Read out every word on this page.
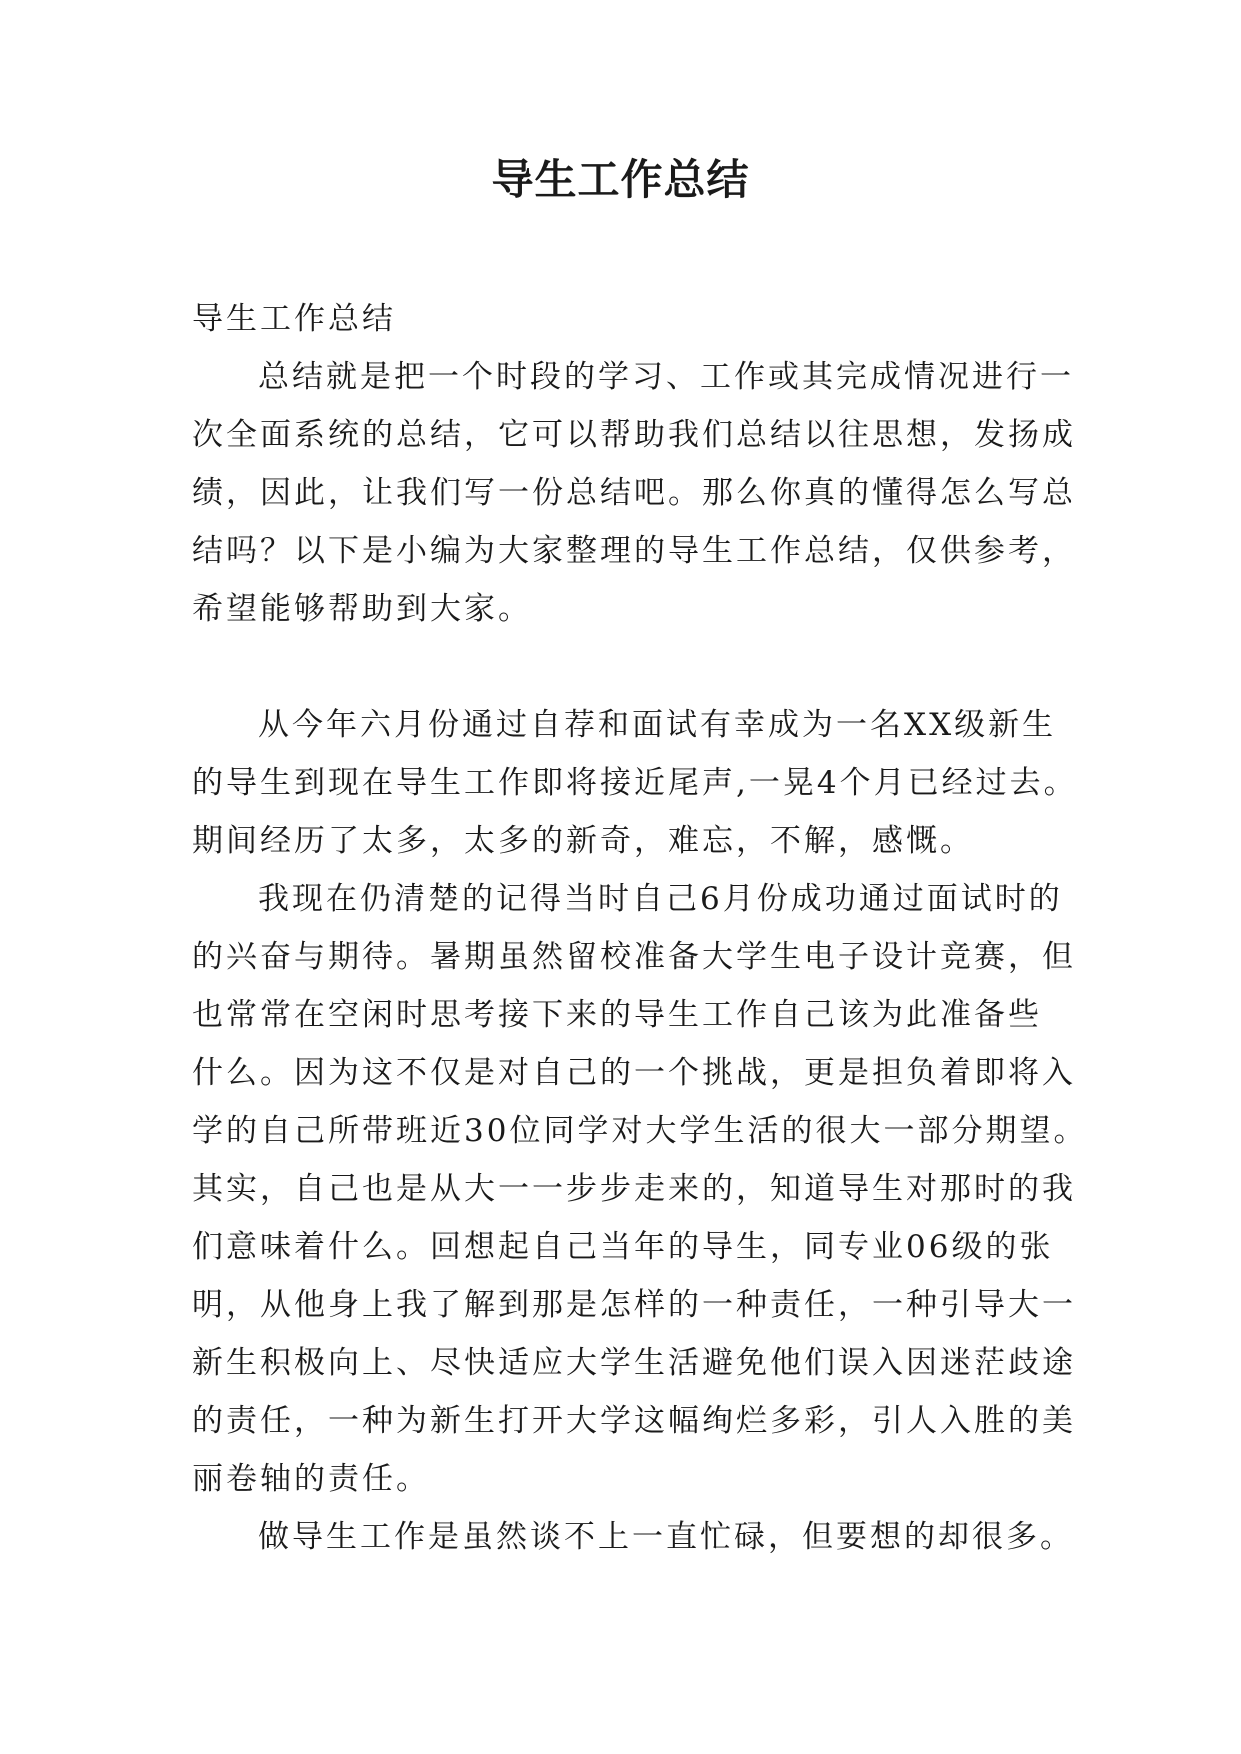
导生工作总结
导生工作总结
总结就是把一个时段的学习、工作或其完成情况进行一
次全面系统的总结，它可以帮助我们总结以往思想，发扬成
绩，因此，让我们写一份总结吧。那么你真的懂得怎么写总
结吗？以下是小编为大家整理的导生工作总结，仅供参考，
希望能够帮助到大家。
从今年六月份通过自荐和面试有幸成为一名XX级新生
的导生到现在导生工作即将接近尾声,一晃4个月已经过去。
期间经历了太多，太多的新奇，难忘，不解，感慨。
我现在仍清楚的记得当时自己6月份成功通过面试时的
的兴奋与期待。暑期虽然留校准备大学生电子设计竞赛，但
也常常在空闲时思考接下来的导生工作自己该为此准备些
什么。因为这不仅是对自己的一个挑战，更是担负着即将入
学的自己所带班近30位同学对大学生活的很大一部分期望。
其实，自己也是从大一一步步走来的，知道导生对那时的我
们意味着什么。回想起自己当年的导生，同专业06级的张
明，从他身上我了解到那是怎样的一种责任，一种引导大一
新生积极向上、尽快适应大学生活避免他们误入因迷茫歧途
的责任，一种为新生打开大学这幅绚烂多彩，引人入胜的美
丽卷轴的责任。
做导生工作是虽然谈不上一直忙碌，但要想的却很多。
